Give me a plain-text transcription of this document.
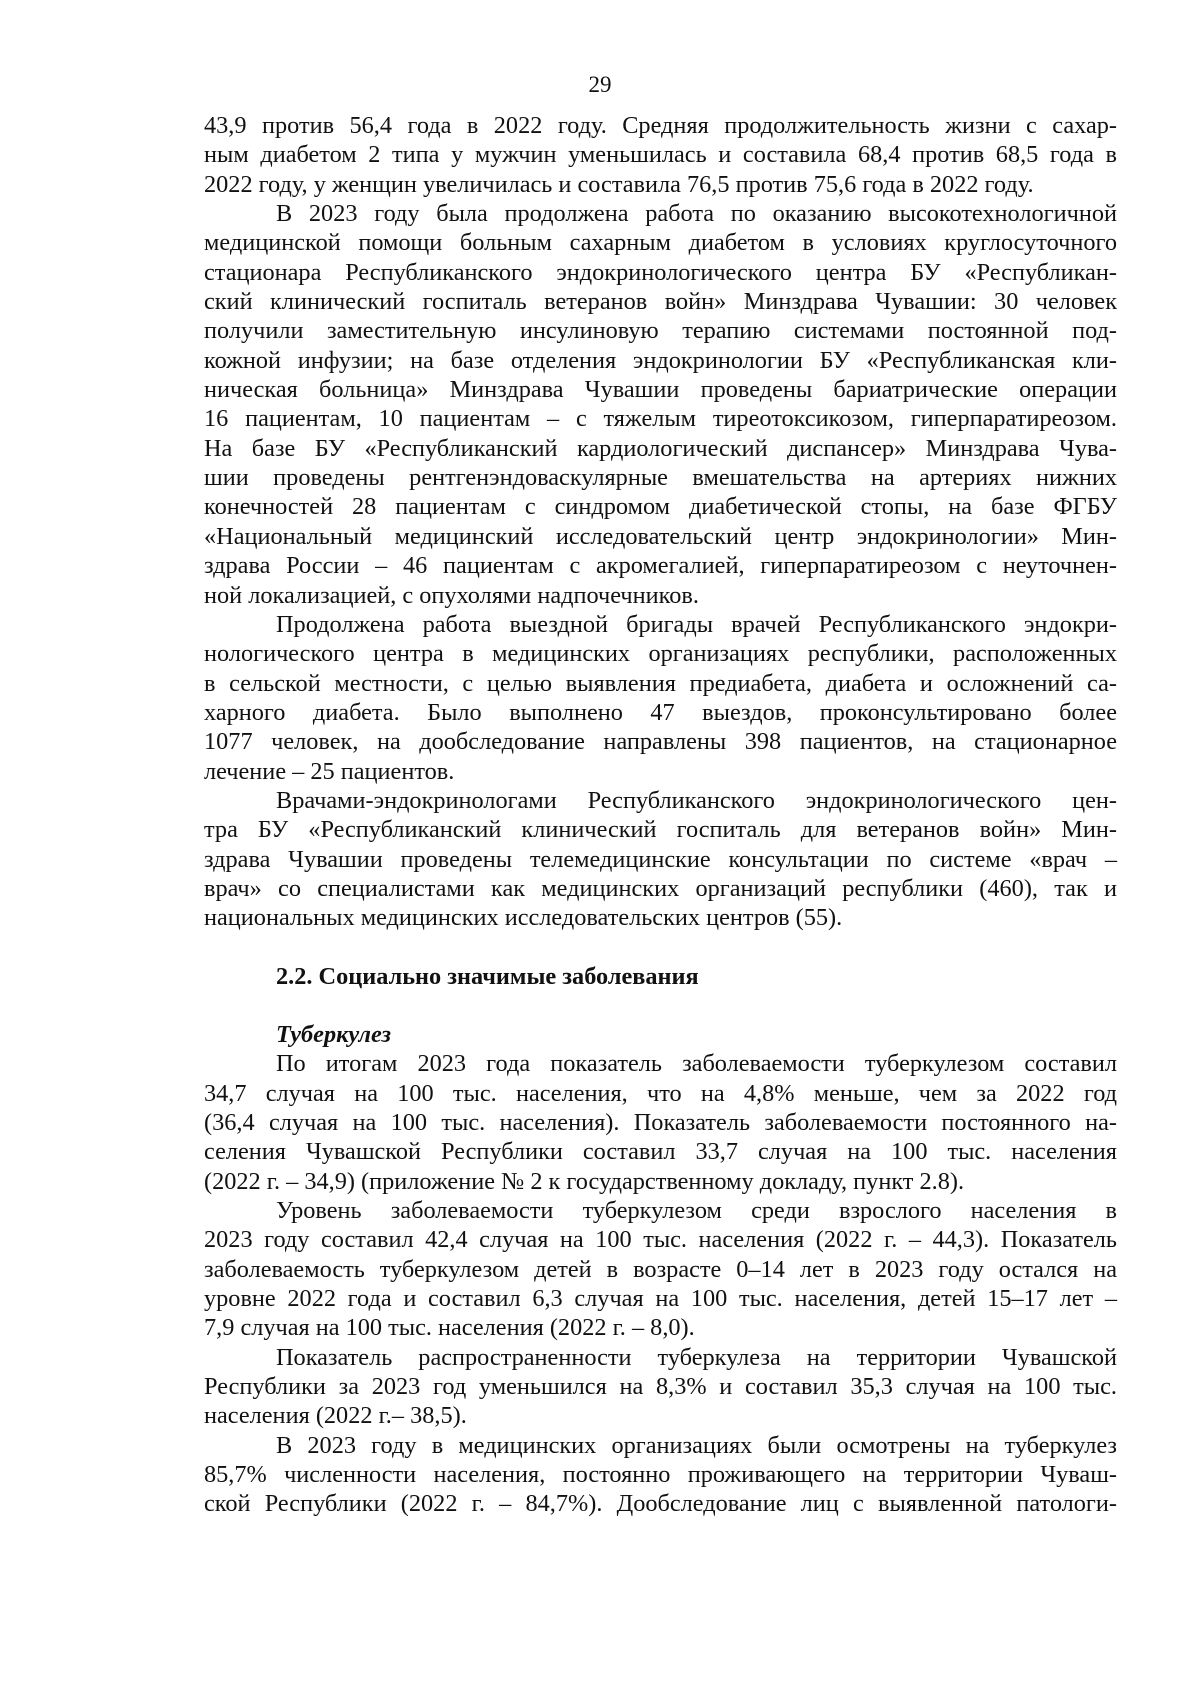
29
43,9 против 56,4 года в 2022 году. Средняя продолжительность жизни с сахар-
ным диабетом 2 типа у мужчин уменьшилась и составила 68,4 против 68,5 года в
2022 году, у женщин увеличилась и составила 76,5 против 75,6 года в 2022 году.
В 2023 году была продолжена работа по оказанию высокотехнологичной
медицинской помощи больным сахарным диабетом в условиях круглосуточного
стационара Республиканского эндокринологического центра БУ «Республикан-
ский клинический госпиталь ветеранов войн» Минздрава Чувашии: 30 человек
получили заместительную инсулиновую терапию системами постоянной под-
кожной инфузии; на базе отделения эндокринологии БУ «Республиканская кли-
ническая больница» Минздрава Чувашии проведены бариатрические операции
16 пациентам, 10 пациентам – с тяжелым тиреотоксикозом, гиперпаратиреозом.
На базе БУ «Республиканский кардиологический диспансер» Минздрава Чува-
шии проведены рентгенэндоваскулярные вмешательства на артериях нижних
конечностей 28 пациентам с синдромом диабетической стопы, на базе ФГБУ
«Национальный медицинский исследовательский центр эндокринологии» Мин-
здрава России – 46 пациентам с акромегалией, гиперпаратиреозом с неуточнен-
ной локализацией, с опухолями надпочечников.
Продолжена работа выездной бригады врачей Республиканского эндокри-
нологического центра в медицинских организациях республики, расположенных
в сельской местности, с целью выявления предиабета, диабета и осложнений са-
харного диабета. Было выполнено 47 выездов, проконсультировано более
1077 человек, на дообследование направлены 398 пациентов, на стационарное
лечение – 25 пациентов.
Врачами-эндокринологами Республиканского эндокринологического цен-
тра БУ «Республиканский клинический госпиталь для ветеранов войн» Мин-
здрава Чувашии проведены телемедицинские консультации по системе «врач –
врач» со специалистами как медицинских организаций республики (460), так и
национальных медицинских исследовательских центров (55).
2.2. Социально значимые заболевания
Туберкулез
По итогам 2023 года показатель заболеваемости туберкулезом составил
34,7 случая на 100 тыс. населения, что на 4,8% меньше, чем за 2022 год
(36,4 случая на 100 тыс. населения). Показатель заболеваемости постоянного на-
селения Чувашской Республики составил 33,7 случая на 100 тыс. населения
(2022 г. – 34,9) (приложение № 2 к государственному докладу, пункт 2.8).
Уровень заболеваемости туберкулезом среди взрослого населения в
2023 году составил 42,4 случая на 100 тыс. населения (2022 г. – 44,3). Показатель
заболеваемость туберкулезом детей в возрасте 0–14 лет в 2023 году остался на
уровне 2022 года и составил 6,3 случая на 100 тыс. населения, детей 15–17 лет –
7,9 случая на 100 тыс. населения (2022 г. – 8,0).
Показатель распространенности туберкулеза на территории Чувашской
Республики за 2023 год уменьшился на 8,3% и составил 35,3 случая на 100 тыс.
населения (2022 г.– 38,5).
В 2023 году в медицинских организациях были осмотрены на туберкулез
85,7% численности населения, постоянно проживающего на территории Чуваш-
ской Республики (2022 г. – 84,7%). Дообследование лиц с выявленной патологи-
